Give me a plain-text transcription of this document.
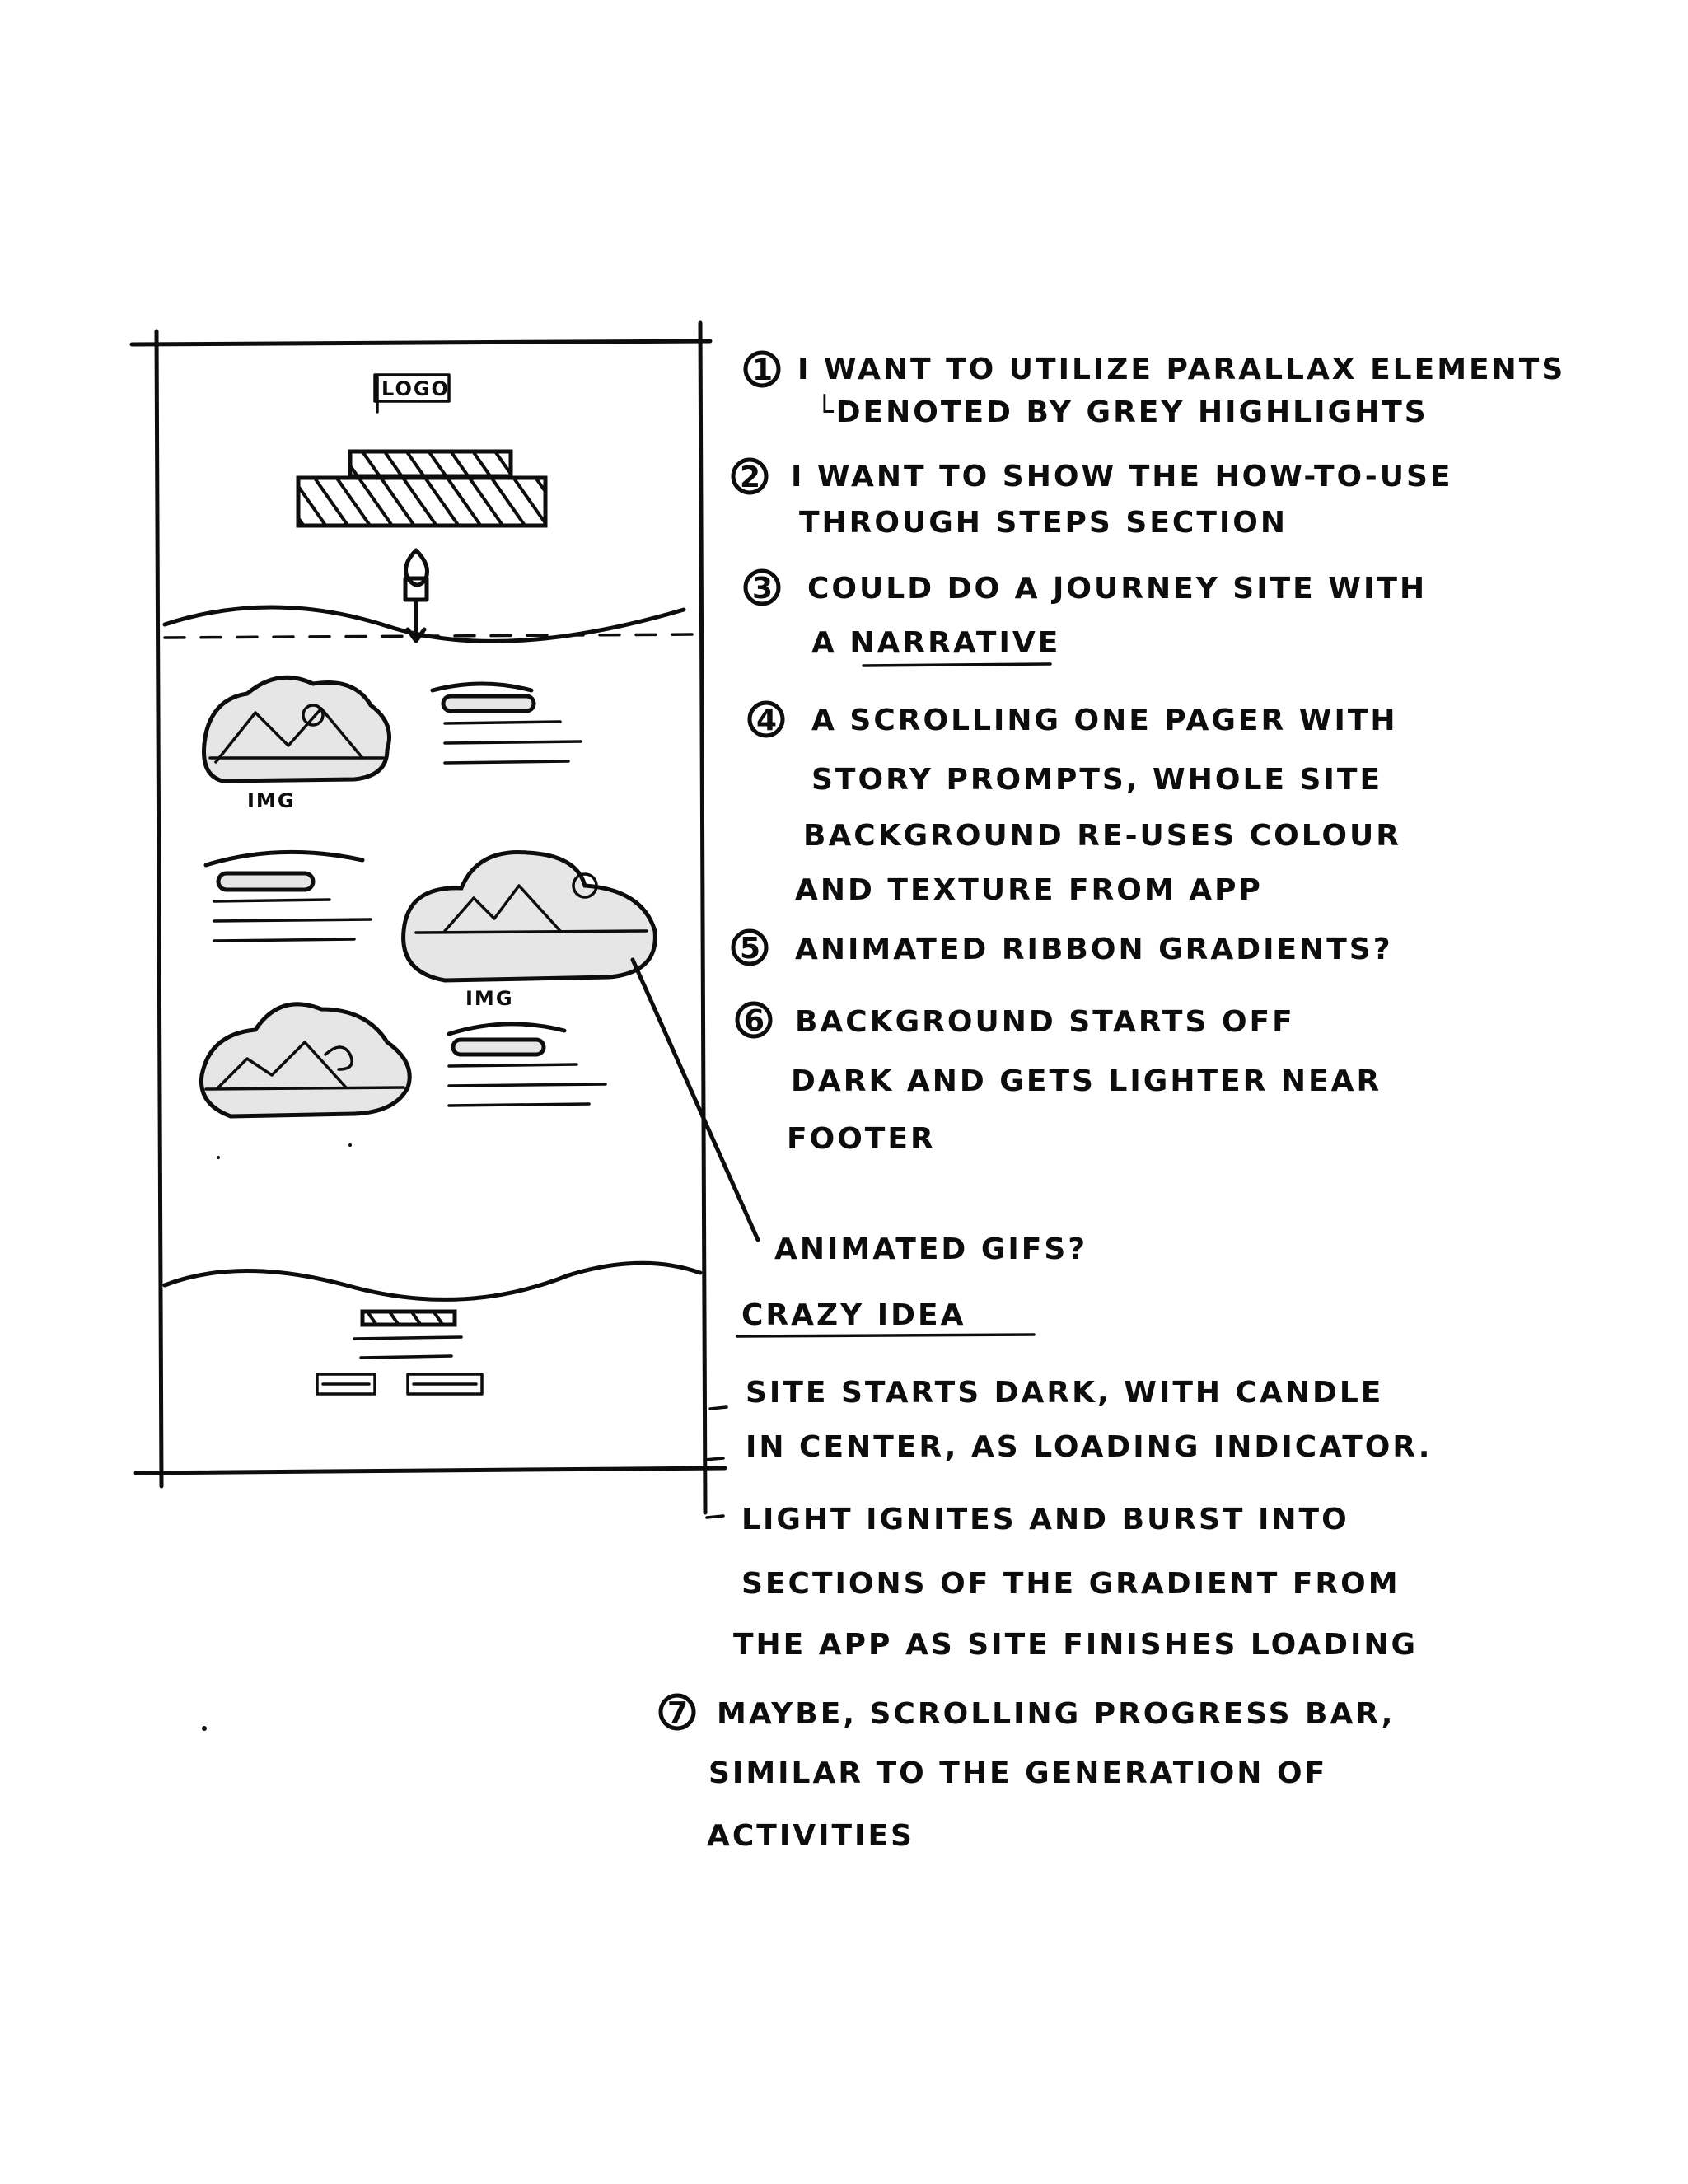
LOGO
IMG
IMG
1 I WANT TO UTILIZE PARALLAX ELEMENTS
└DENOTED BY GREY HIGHLIGHTS
2 I WANT TO SHOW THE HOW-TO-USE
THROUGH STEPS SECTION
3 COULD DO A JOURNEY SITE WITH
A NARRATIVE
4 A SCROLLING ONE PAGER WITH
STORY PROMPTS, WHOLE SITE
BACKGROUND RE-USES COLOUR
AND TEXTURE FROM APP
5 ANIMATED RIBBON GRADIENTS?
6 BACKGROUND STARTS OFF
DARK AND GETS LIGHTER NEAR
FOOTER
ANIMATED GIFS?
CRAZY IDEA
SITE STARTS DARK, WITH CANDLE
IN CENTER, AS LOADING INDICATOR.
LIGHT IGNITES AND BURST INTO
SECTIONS OF THE GRADIENT FROM
THE APP AS SITE FINISHES LOADING
7 MAYBE, SCROLLING PROGRESS BAR,
SIMILAR TO THE GENERATION OF
ACTIVITIES
